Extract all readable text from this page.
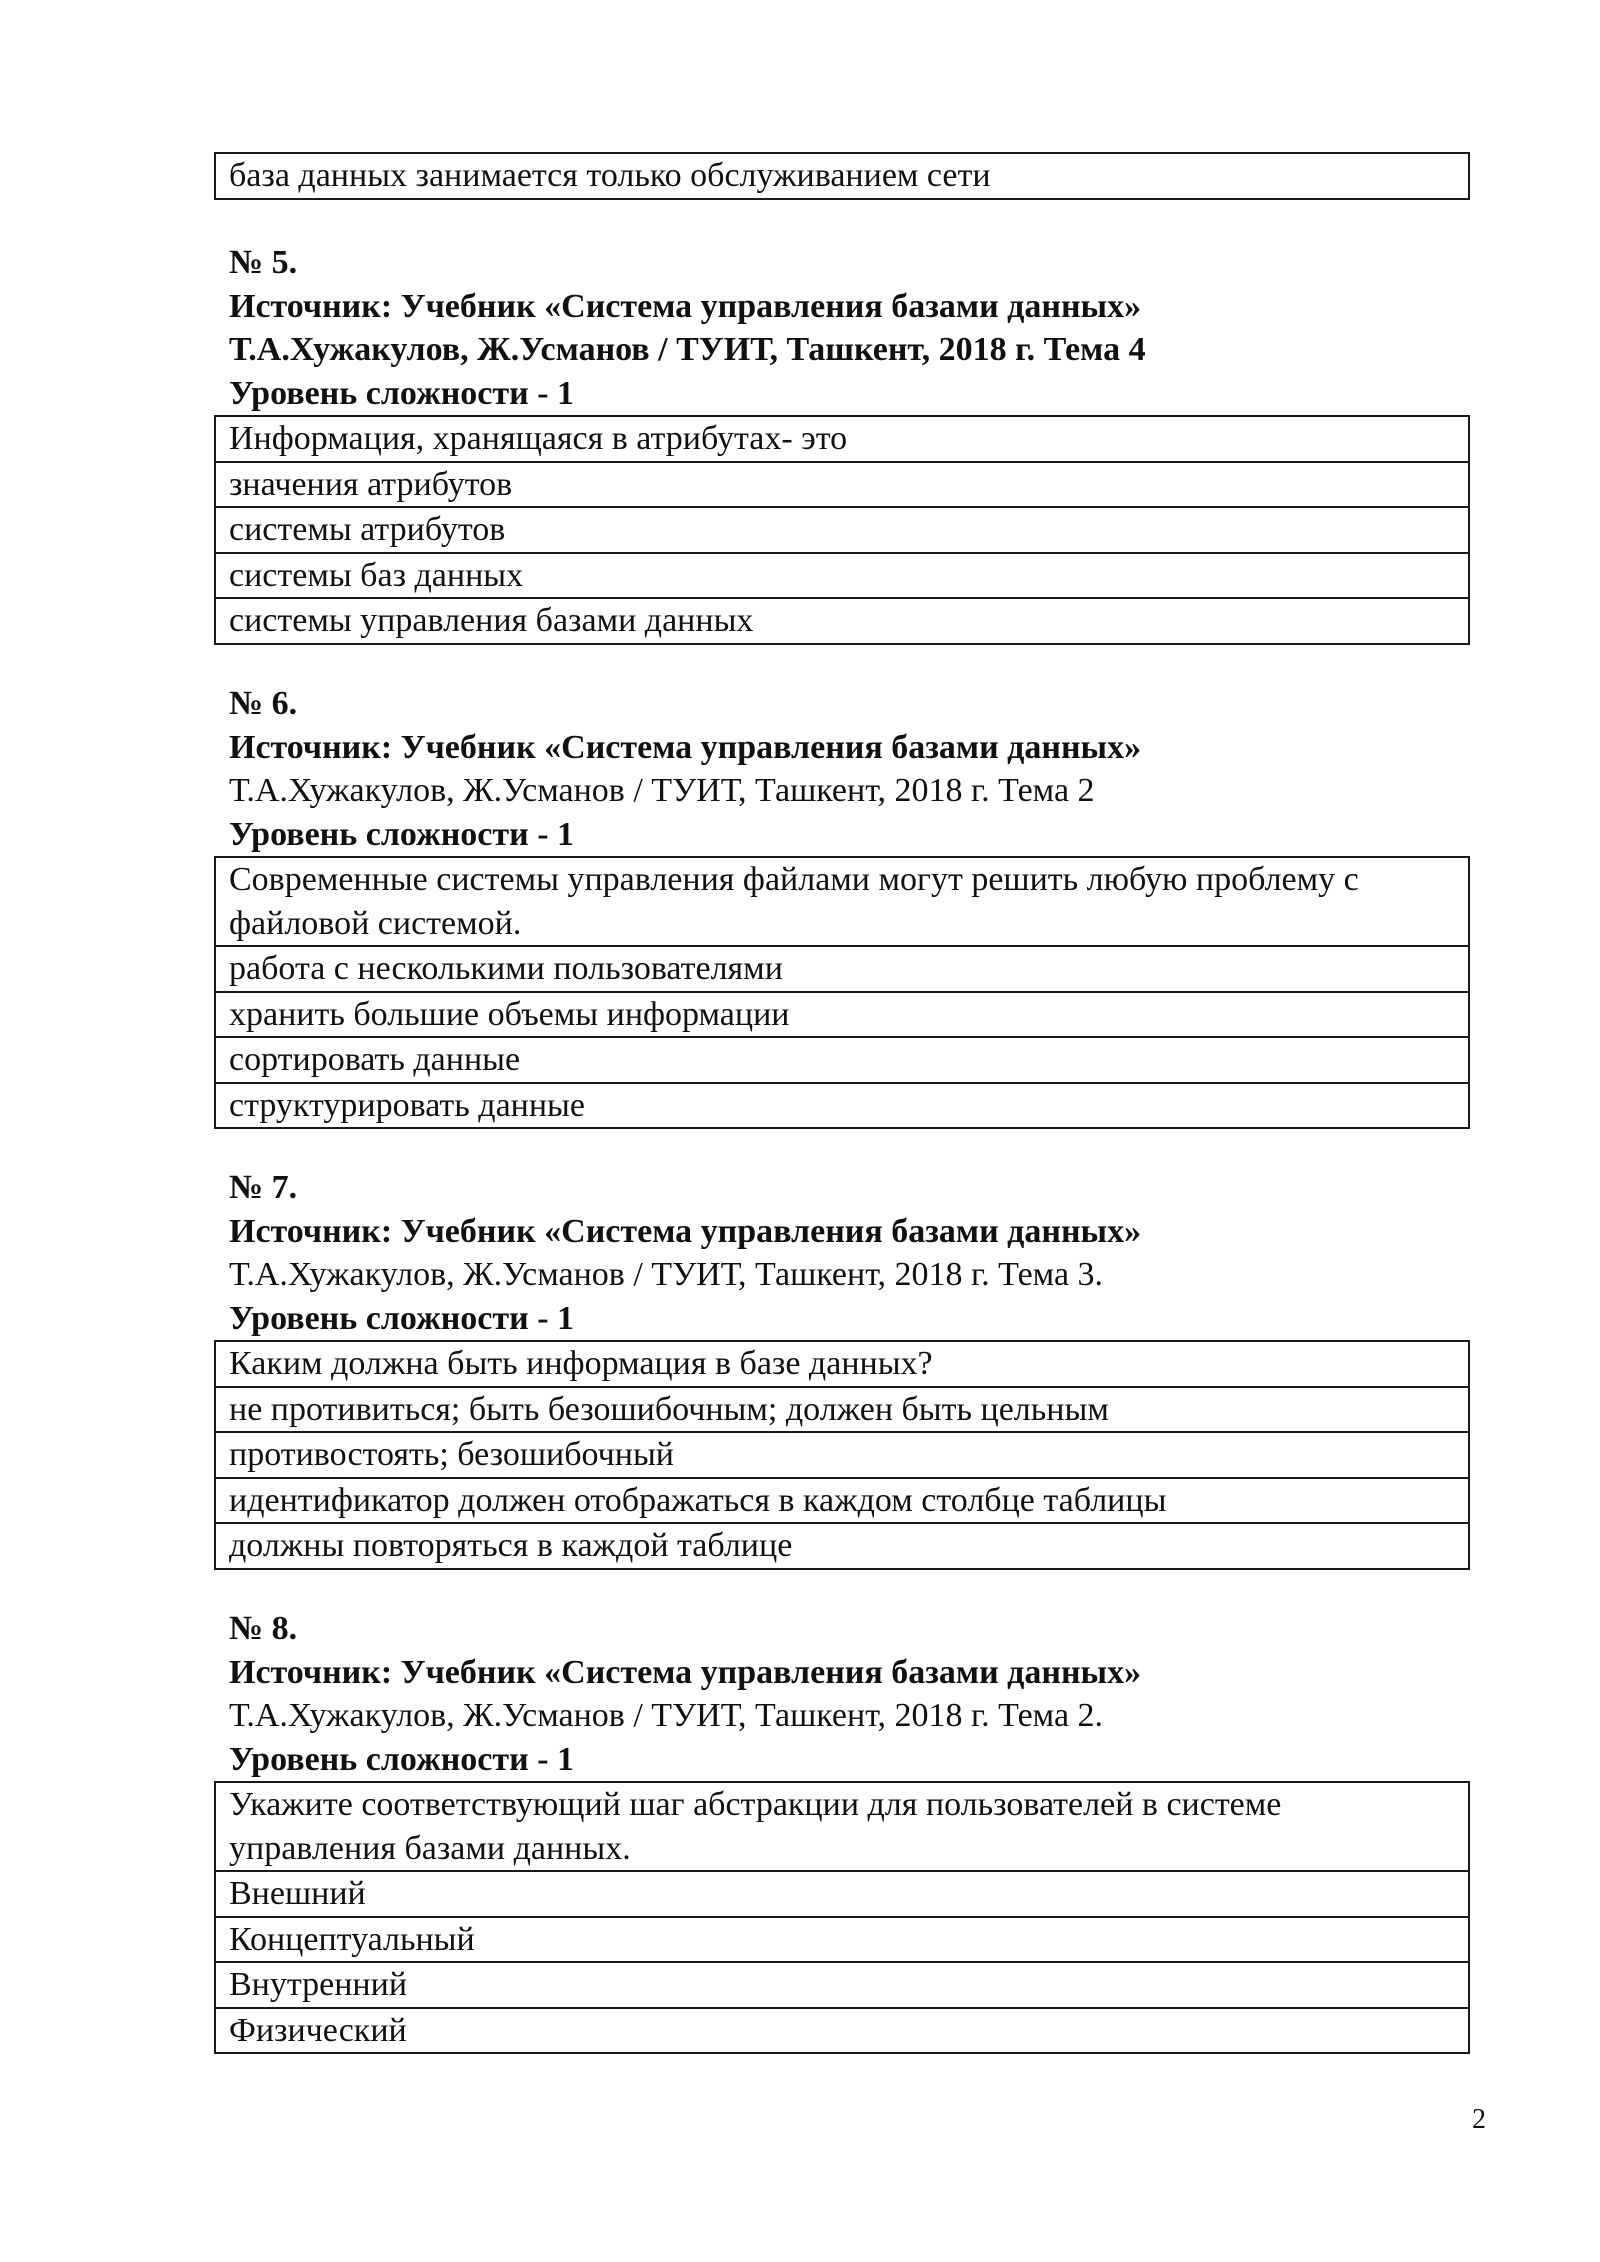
база данных занимается только обслуживанием сети
№ 5.
Источник: Учебник «Система управления базами данных»
Т.А.Хужакулов, Ж.Усманов / ТУИТ, Ташкент, 2018 г. Тема 4
Уровень сложности - 1
Информация, хранящаяся в атрибутах- это
значения атрибутов
системы атрибутов
системы баз данных
системы управления базами данных
№ 6.
Источник: Учебник «Система управления базами данных»
Т.А.Хужакулов, Ж.Усманов / ТУИТ, Ташкент, 2018 г. Тема 2
Уровень сложности - 1
Современные системы управления файлами могут решить любую проблему с файловой системой.
работа с несколькими пользователями
хранить большие объемы информации
сортировать данные
структурировать данные
№ 7.
Источник: Учебник «Система управления базами данных»
Т.А.Хужакулов, Ж.Усманов / ТУИТ, Ташкент, 2018 г. Тема 3.
Уровень сложности - 1
Каким должна быть информация в базе данных?
не противиться; быть безошибочным; должен быть цельным
противостоять; безошибочный
идентификатор должен отображаться в каждом столбце таблицы
должны повторяться в каждой таблице
№ 8.
Источник: Учебник «Система управления базами данных»
Т.А.Хужакулов, Ж.Усманов / ТУИТ, Ташкент, 2018 г. Тема 2.
Уровень сложности - 1
Укажите соответствующий шаг абстракции для пользователей в системе управления базами данных.
Внешний
Концептуальный
Внутренний
Физический
2
